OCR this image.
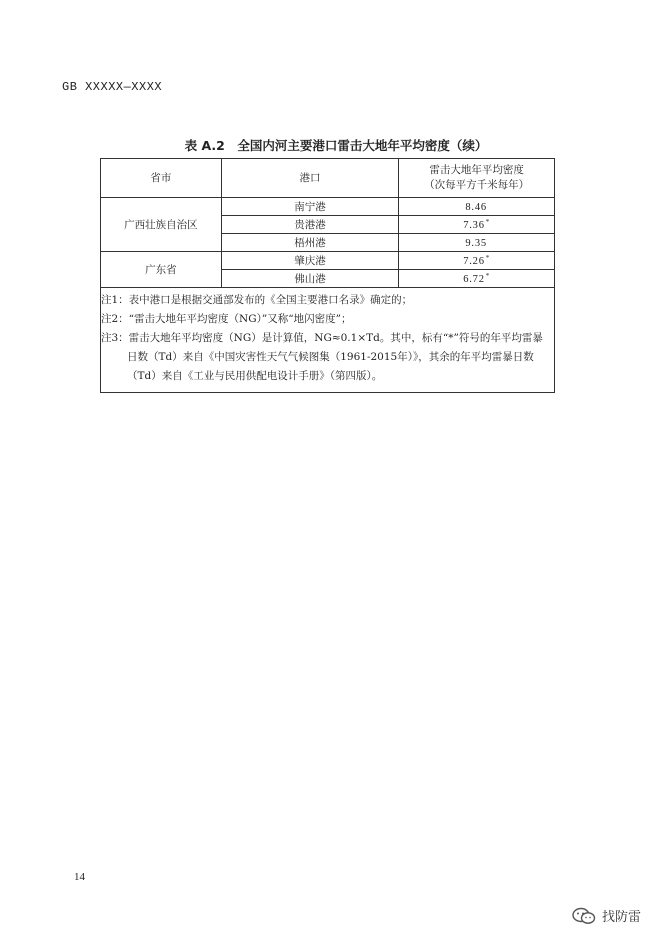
GB XXXXX—XXXX
表 A.2　全国内河主要港口雷击大地年平均密度（续）
省市	港口	雷击大地年平均密度
（次每平方千米每年）

广西壮族自治区	南宁港	8.46
	贵港港	7.36*
	梧州港	9.35
广东省	肇庆港	7.26*
	佛山港	6.72*

注1：表中港口是根据交通部发布的《全国主要港口名录》确定的；
注2：“雷击大地年平均密度（NG）”又称“地闪密度”；
注3：雷击大地年平均密度（NG）是计算值，NG≈0.1×Td。其中，标有“*”符号的年平均雷暴日数（Td）来自《中国灾害性天气气候图集（1961-2015年）》，其余的年平均雷暴日数（Td）来自《工业与民用供配电设计手册》（第四版）。		
14
找防雷
